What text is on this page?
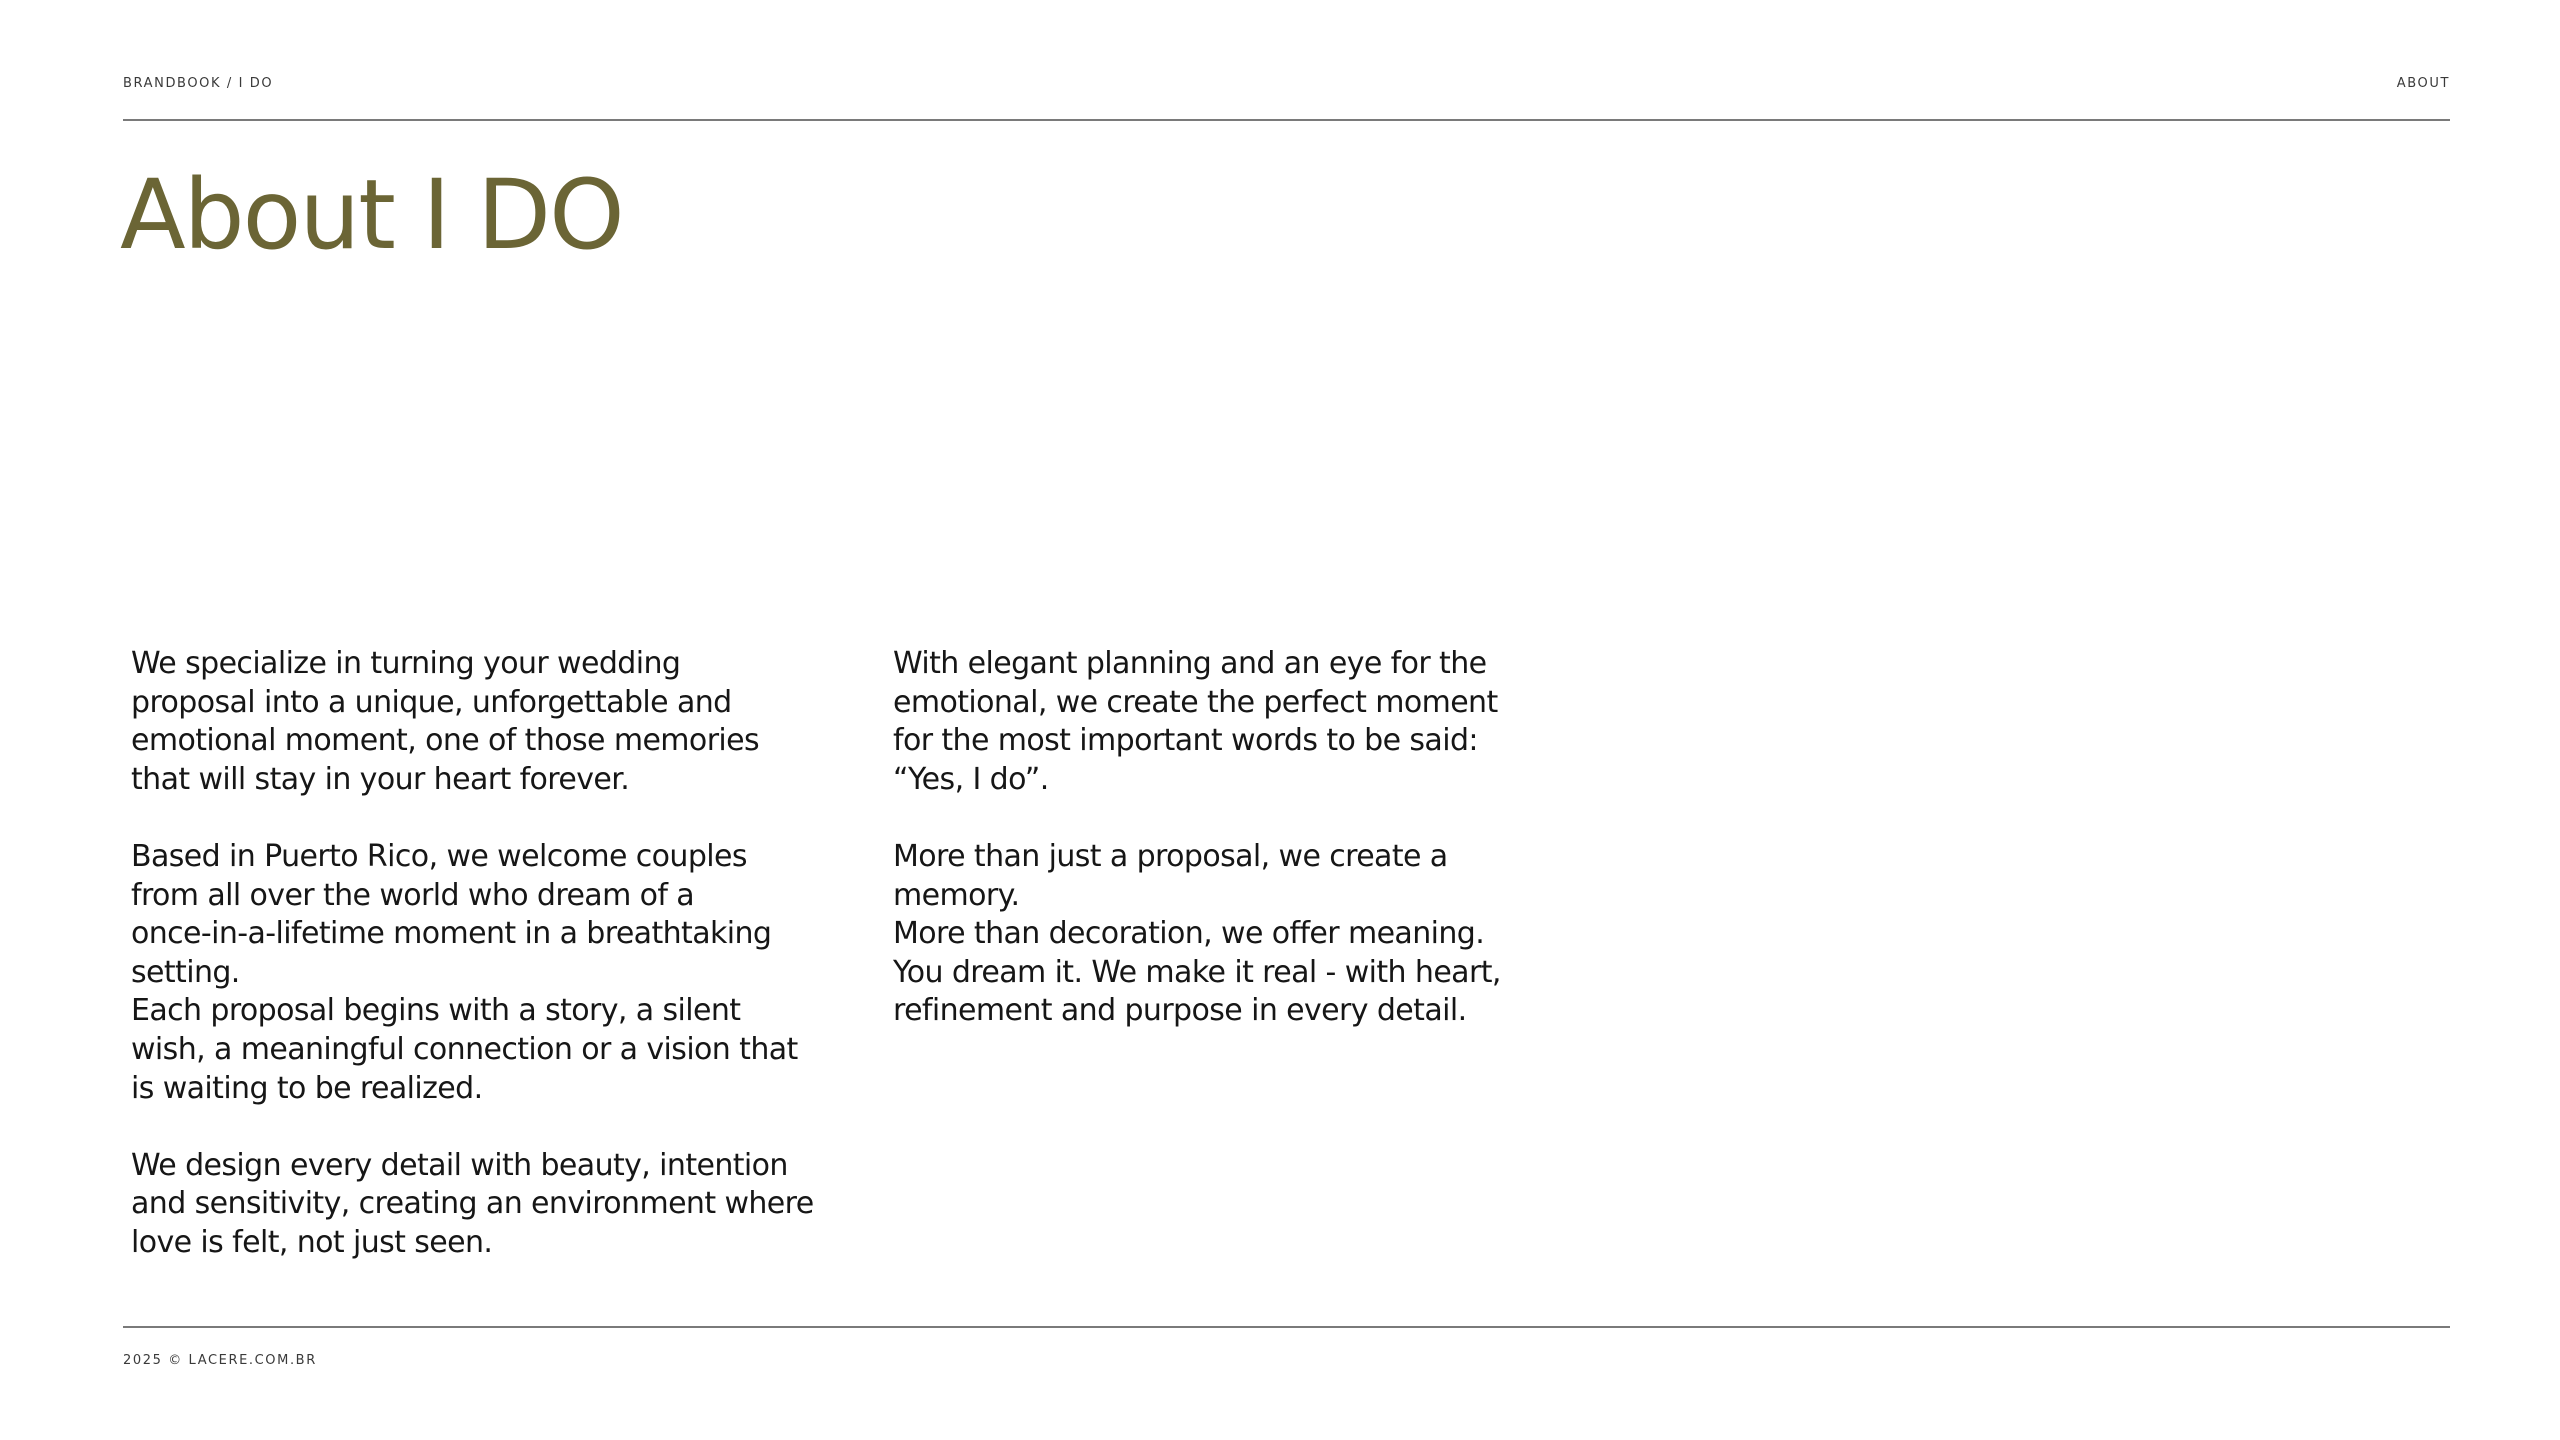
BRANDBOOK / I DO	ABOUT
About I DO

We specialize in turning your wedding
proposal into a unique, unforgettable and
emotional moment, one of those memories
that will stay in your heart forever.

Based in Puerto Rico, we welcome couples
from all over the world who dream of a
once-in-a-lifetime moment in a breathtaking
setting.
Each proposal begins with a story, a silent
wish, a meaningful connection or a vision that
is waiting to be realized.

We design every detail with beauty, intention
and sensitivity, creating an environment where
love is felt, not just seen.

With elegant planning and an eye for the
emotional, we create the perfect moment
for the most important words to be said:
“Yes, I do”.

More than just a proposal, we create a
memory.
More than decoration, we offer meaning.
You dream it. We make it real - with heart,
refinement and purpose in every detail.

2025 © LACERE.COM.BR
